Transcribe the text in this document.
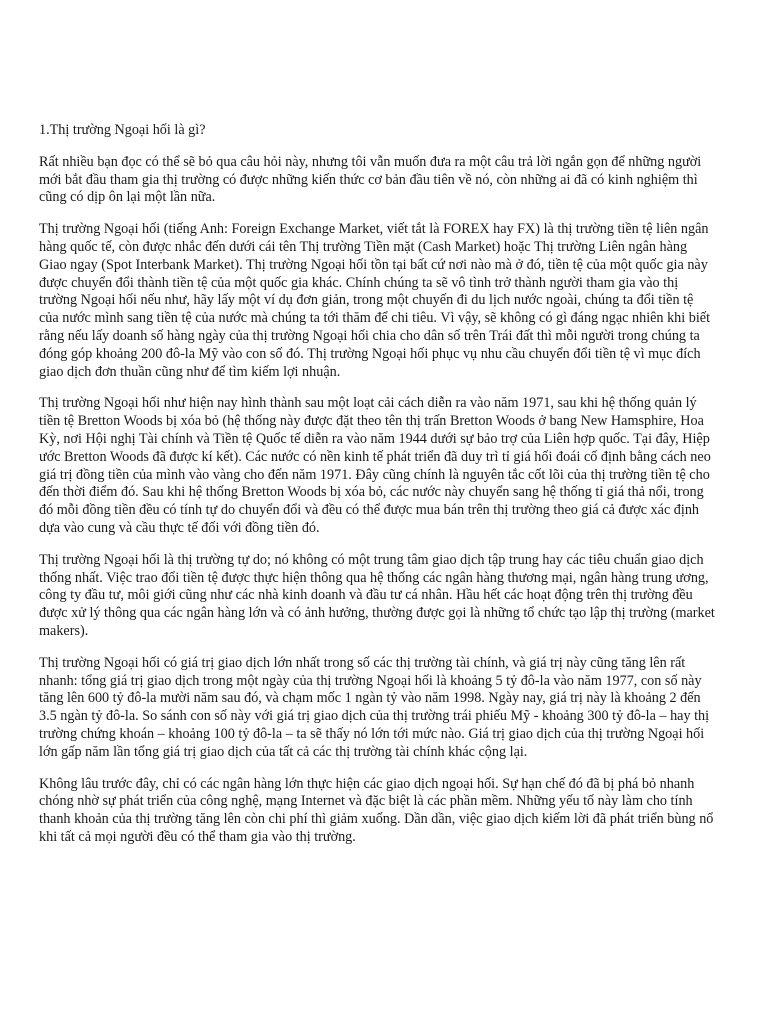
1.Thị trường Ngoại hối là gì?

Rất nhiều bạn đọc có thể sẽ bỏ qua câu hỏi này, nhưng tôi vẫn muốn đưa ra một câu trả lời ngắn gọn để những người mới bắt đầu tham gia thị trường có được những kiến thức cơ bản đầu tiên về nó, còn những ai đã có kinh nghiệm thì cũng có dịp ôn lại một lần nữa.

Thị trường Ngoại hối (tiếng Anh: Foreign Exchange Market, viết tắt là FOREX hay FX) là thị trường tiền tệ liên ngân hàng quốc tế, còn được nhắc đến dưới cái tên Thị trường Tiền mặt (Cash Market) hoặc Thị trường Liên ngân hàng Giao ngay (Spot Interbank Market). Thị trường Ngoại hối tồn tại bất cứ nơi nào mà ở đó, tiền tệ của một quốc gia này được chuyển đổi thành tiền tệ của một quốc gia khác. Chính chúng ta sẽ vô tình trở thành người tham gia vào thị trường Ngoại hối nếu như, hãy lấy một ví dụ đơn giản, trong một chuyến đi du lịch nước ngoài, chúng ta đổi tiền tệ của nước mình sang tiền tệ của nước mà chúng ta tới thăm để chi tiêu. Vì vậy, sẽ không có gì đáng ngạc nhiên khi biết rằng nếu lấy doanh số hàng ngày của thị trường Ngoại hối chia cho dân số trên Trái đất thì mỗi người trong chúng ta đóng góp khoảng 200 đô-la Mỹ vào con số đó. Thị trường Ngoại hối phục vụ nhu cầu chuyển đổi tiền tệ vì mục đích giao dịch đơn thuần cũng như để tìm kiếm lợi nhuận.

Thị trường Ngoại hối như hiện nay hình thành sau một loạt cải cách diễn ra vào năm 1971, sau khi hệ thống quản lý tiền tệ Bretton Woods bị xóa bỏ (hệ thống này được đặt theo tên thị trấn Bretton Woods ở bang New Hamsphire, Hoa Kỳ, nơi Hội nghị Tài chính và Tiền tệ Quốc tế diễn ra vào năm 1944 dưới sự bảo trợ của Liên hợp quốc. Tại đây, Hiệp ước Bretton Woods đã được kí kết). Các nước có nền kinh tế phát triển đã duy trì tỉ giá hối đoái cố định bằng cách neo giá trị đồng tiền của mình vào vàng cho đến năm 1971. Đây cũng chính là nguyên tắc cốt lõi của thị trường tiền tệ cho đến thời điểm đó. Sau khi hệ thống Bretton Woods bị xóa bỏ, các nước này chuyển sang hệ thống tỉ giá thả nổi, trong đó mỗi đồng tiền đều có tính tự do chuyển đổi và đều có thể được mua bán trên thị trường theo giá cả được xác định dựa vào cung và cầu thực tế đối với đồng tiền đó.

Thị trường Ngoại hối là thị trường tự do; nó không có một trung tâm giao dịch tập trung hay các tiêu chuẩn giao dịch thống nhất. Việc trao đổi tiền tệ được thực hiện thông qua hệ thống các ngân hàng thương mại, ngân hàng trung ương, công ty đầu tư, môi giới cũng như các nhà kinh doanh và đầu tư cá nhân. Hầu hết các hoạt động trên thị trường đều được xử lý thông qua các ngân hàng lớn và có ảnh hưởng, thường được gọi là những tổ chức tạo lập thị trường (market makers).

Thị trường Ngoại hối có giá trị giao dịch lớn nhất trong số các thị trường tài chính, và giá trị này cũng tăng lên rất nhanh: tổng giá trị giao dịch trong một ngày của thị trường Ngoại hối là khoảng 5 tỷ đô-la vào năm 1977, con số này tăng lên 600 tỷ đô-la mười năm sau đó, và chạm mốc 1 ngàn tỷ vào năm 1998. Ngày nay, giá trị này là khoảng 2 đến 3.5 ngàn tỷ đô-la. So sánh con số này với giá trị giao dịch của thị trường trái phiếu Mỹ - khoảng 300 tỷ đô-la – hay thị trường chứng khoán – khoảng 100 tỷ đô-la – ta sẽ thấy nó lớn tới mức nào. Giá trị giao dịch của thị trường Ngoại hối lớn gấp năm lần tổng giá trị giao dịch của tất cả các thị trường tài chính khác cộng lại.

Không lâu trước đây, chỉ có các ngân hàng lớn thực hiện các giao dịch ngoại hối. Sự hạn chế đó đã bị phá bỏ nhanh chóng nhờ sự phát triển của công nghệ, mạng Internet và đặc biệt là các phần mềm. Những yếu tố này làm cho tính thanh khoản của thị trường tăng lên còn chi phí thì giảm xuống. Dần dần, việc giao dịch kiếm lời đã phát triển bùng nổ khi tất cả mọi người đều có thể tham gia vào thị trường.
